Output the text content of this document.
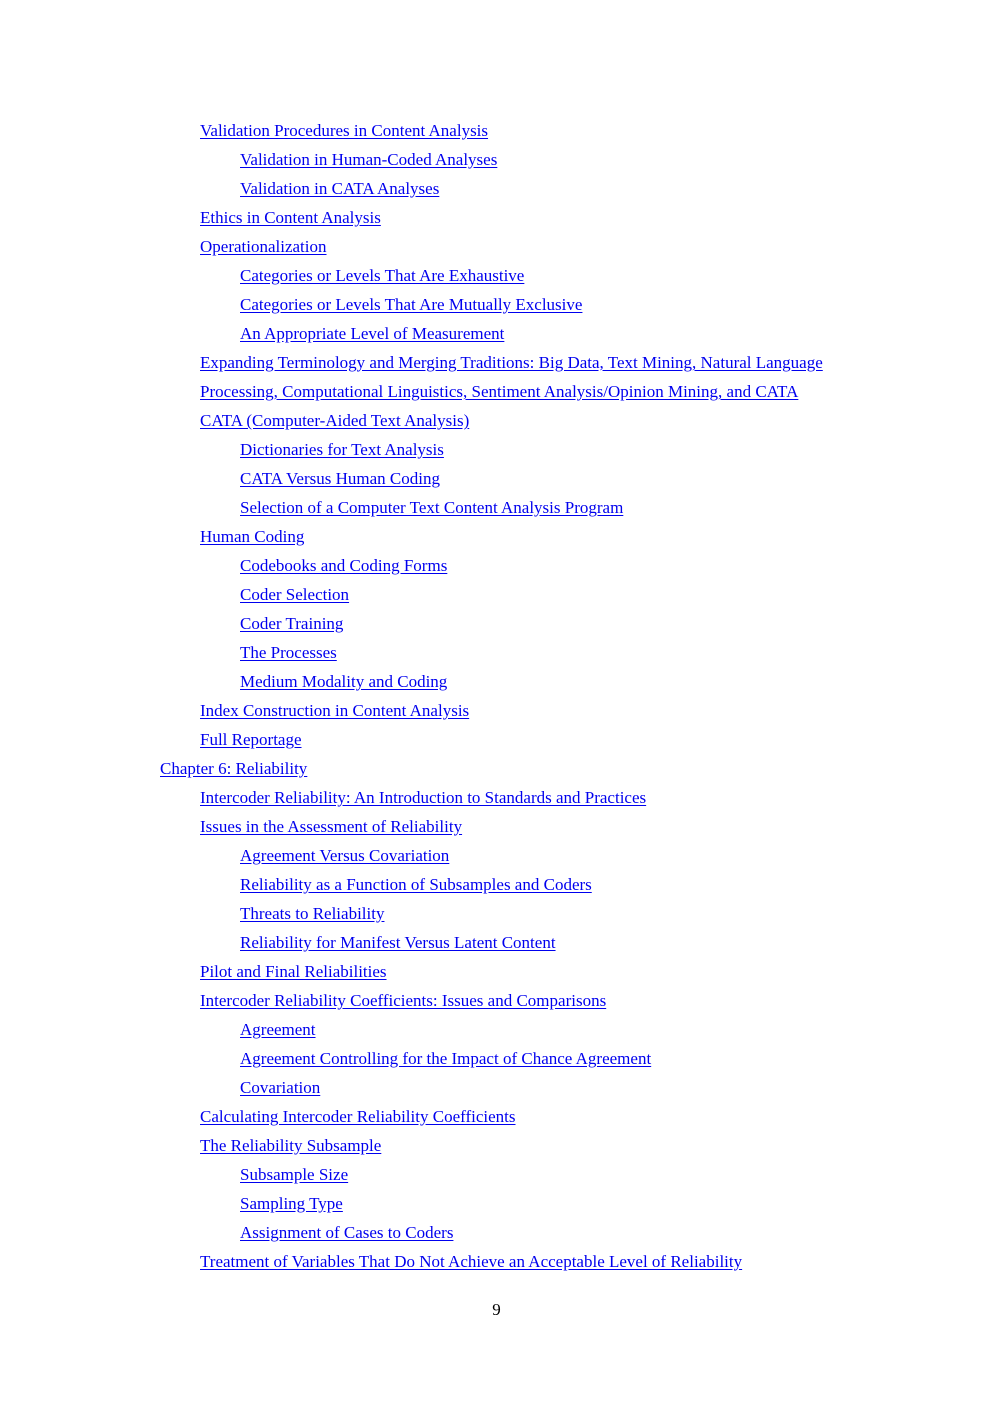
Validation Procedures in Content Analysis
Validation in Human-Coded Analyses
Validation in CATA Analyses
Ethics in Content Analysis
Operationalization
Categories or Levels That Are Exhaustive
Categories or Levels That Are Mutually Exclusive
An Appropriate Level of Measurement
Expanding Terminology and Merging Traditions: Big Data, Text Mining, Natural Language
Processing, Computational Linguistics, Sentiment Analysis/Opinion Mining, and CATA
CATA (Computer-Aided Text Analysis)
Dictionaries for Text Analysis
CATA Versus Human Coding
Selection of a Computer Text Content Analysis Program
Human Coding
Codebooks and Coding Forms
Coder Selection
Coder Training
The Processes
Medium Modality and Coding
Index Construction in Content Analysis
Full Reportage
Chapter 6: Reliability
Intercoder Reliability: An Introduction to Standards and Practices
Issues in the Assessment of Reliability
Agreement Versus Covariation
Reliability as a Function of Subsamples and Coders
Threats to Reliability
Reliability for Manifest Versus Latent Content
Pilot and Final Reliabilities
Intercoder Reliability Coefficients: Issues and Comparisons
Agreement
Agreement Controlling for the Impact of Chance Agreement
Covariation
Calculating Intercoder Reliability Coefficients
The Reliability Subsample
Subsample Size
Sampling Type
Assignment of Cases to Coders
Treatment of Variables That Do Not Achieve an Acceptable Level of Reliability
9
